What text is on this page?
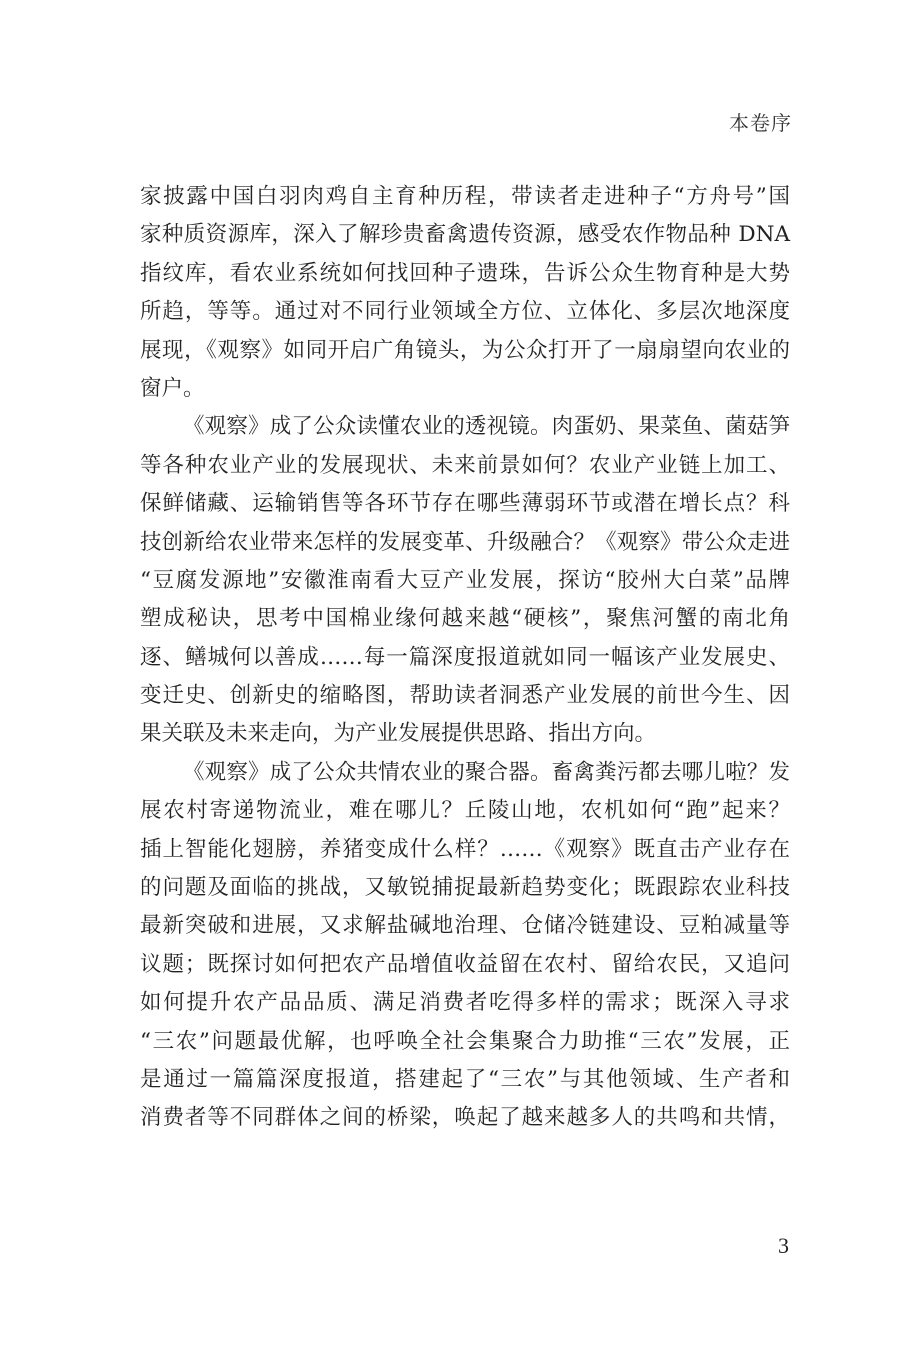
本卷序
家披露中国白羽肉鸡自主育种历程，带读者走进种子“方舟号”国
家种质资源库，深入了解珍贵畜禽遗传资源，感受农作物品种 DNA
指纹库，看农业系统如何找回种子遗珠，告诉公众生物育种是大势
所趋，等等。通过对不同行业领域全方位、立体化、多层次地深度
展现，《观察》如同开启广角镜头，为公众打开了一扇扇望向农业的
窗户。
《观察》成了公众读懂农业的透视镜。肉蛋奶、果菜鱼、菌菇笋
等各种农业产业的发展现状、未来前景如何？农业产业链上加工、
保鲜储藏、运输销售等各环节存在哪些薄弱环节或潜在增长点？科
技创新给农业带来怎样的发展变革、升级融合？《观察》带公众走进
“豆腐发源地”安徽淮南看大豆产业发展，探访“胶州大白菜”品牌
塑成秘诀，思考中国棉业缘何越来越“硬核”，聚焦河蟹的南北角
逐、鳝城何以善成……每一篇深度报道就如同一幅该产业发展史、
变迁史、创新史的缩略图，帮助读者洞悉产业发展的前世今生、因
果关联及未来走向，为产业发展提供思路、指出方向。
《观察》成了公众共情农业的聚合器。畜禽粪污都去哪儿啦？发
展农村寄递物流业，难在哪儿？丘陵山地，农机如何“跑”起来？
插上智能化翅膀，养猪变成什么样？……《观察》既直击产业存在
的问题及面临的挑战，又敏锐捕捉最新趋势变化；既跟踪农业科技
最新突破和进展，又求解盐碱地治理、仓储冷链建设、豆粕减量等
议题；既探讨如何把农产品增值收益留在农村、留给农民，又追问
如何提升农产品品质、满足消费者吃得多样的需求；既深入寻求
“三农”问题最优解，也呼唤全社会集聚合力助推“三农”发展，正
是通过一篇篇深度报道，搭建起了“三农”与其他领域、生产者和
消费者等不同群体之间的桥梁，唤起了越来越多人的共鸣和共情，
3
